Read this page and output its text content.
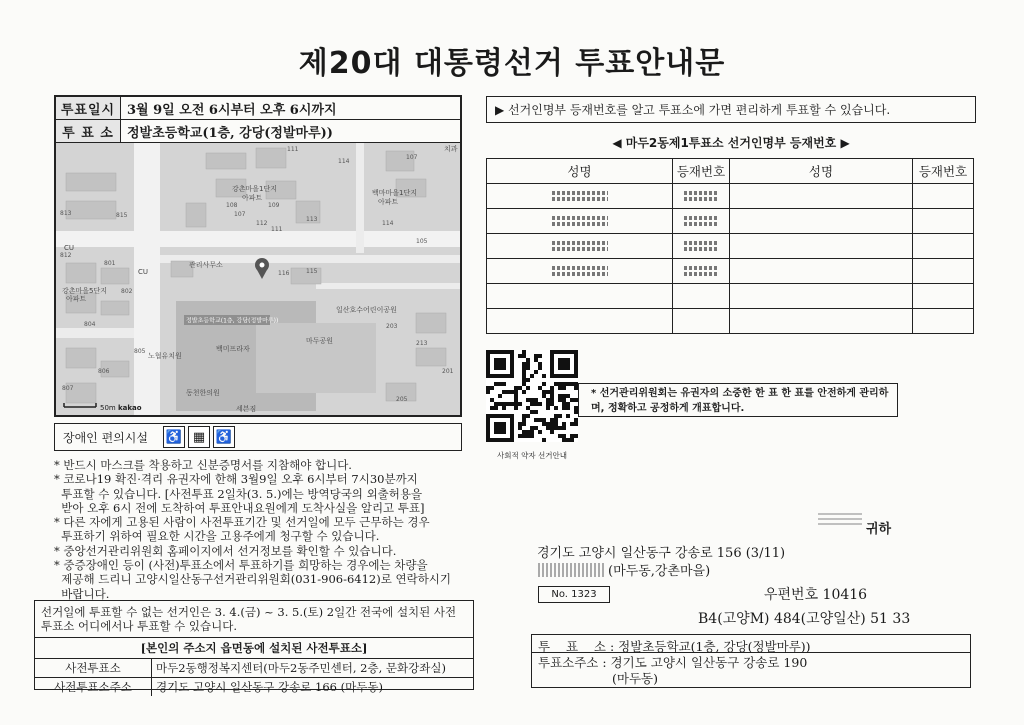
제20대 대통령선거 투표안내문
투표일시 3월 9일 오전 6시부터 오후 6시까지
투 표 소	정발초등학교(1층, 강당(정발마루))
정발초등학교(1층, 강당(정발마루))
강촌마을1단지
아파트
백마마을1단지
아파트
관리사무소
일산호수어린이공원
마두공원
노협유치원
백미프라자
동천한의원
세븐짐
강촌마을5단지
아파트
CU
CU
치과
111
107
108	109
107
813	815
112
111
113
114
116	115
812
801
802
804
805
806
807
213
205
203
201
114
105
50m kakao
장애인 편의시설	♿ ▦ ♿

* 반드시 마스크를 착용하고 신분증명서를 지참해야 합니다.

* 코로나19 확진·격리 유권자에 한해 3월9일 오후 6시부터 7시30분까지

투표할 수 있습니다. [사전투표 2일차(3. 5.)에는 방역당국의 외출허용을

받아 오후 6시 전에 도착하여 투표안내요원에게 도착사실을 알리고 투표]

* 다른 자에게 고용된 사람이 사전투표기간 및 선거일에 모두 근무하는 경우

투표하기 위하여 필요한 시간을 고용주에게 청구할 수 있습니다.

* 중앙선거관리위원회 홈페이지에서 선거정보를 확인할 수 있습니다.

* 중증장애인 등이 (사전)투표소에서 투표하기를 희망하는 경우에는 차량을

제공해 드리니 고양시일산동구선거관리위원회(031-906-6412)로 연락하시기

바랍니다.

선거일에 투표할 수 없는 선거인은 3. 4.(금) ~ 3. 5.(토) 2일간 전국에 설치된 사전투표소 어디에서나 투표할 수 있습니다.
[본인의 주소지 읍면동에 설치된 사전투표소]
사전투표소	마두2동행정복지센터(마두2동주민센터, 2층, 문화강좌실)
사전투표소주소	경기도 고양시 일산동구 강송로 166 (마두동)
▶ 선거인명부 등재번호를 알고 투표소에 가면 편리하게 투표할 수 있습니다.
◀ 마두2동제1투표소 선거인명부 등재번호 ▶
성명	등재번호	성명	등재번호

사회적 약자 선거안내
* 선거관리위원회는 유권자의 소중한 한 표 한 표를 안전하게 관리하며, 정확하고 공정하게 개표합니다.
귀하
경기도 고양시 일산동구 강송로 156 (3/11)
(마두동,강촌마을)
No. 1323	우편번호 10416
B4(고양M) 484(고양일산) 51 33
투    표    소 : 정발초등학교(1층, 강당(정발마루))
투표소주소 : 경기도 고양시 일산동구 강송로 190
(마두동)
